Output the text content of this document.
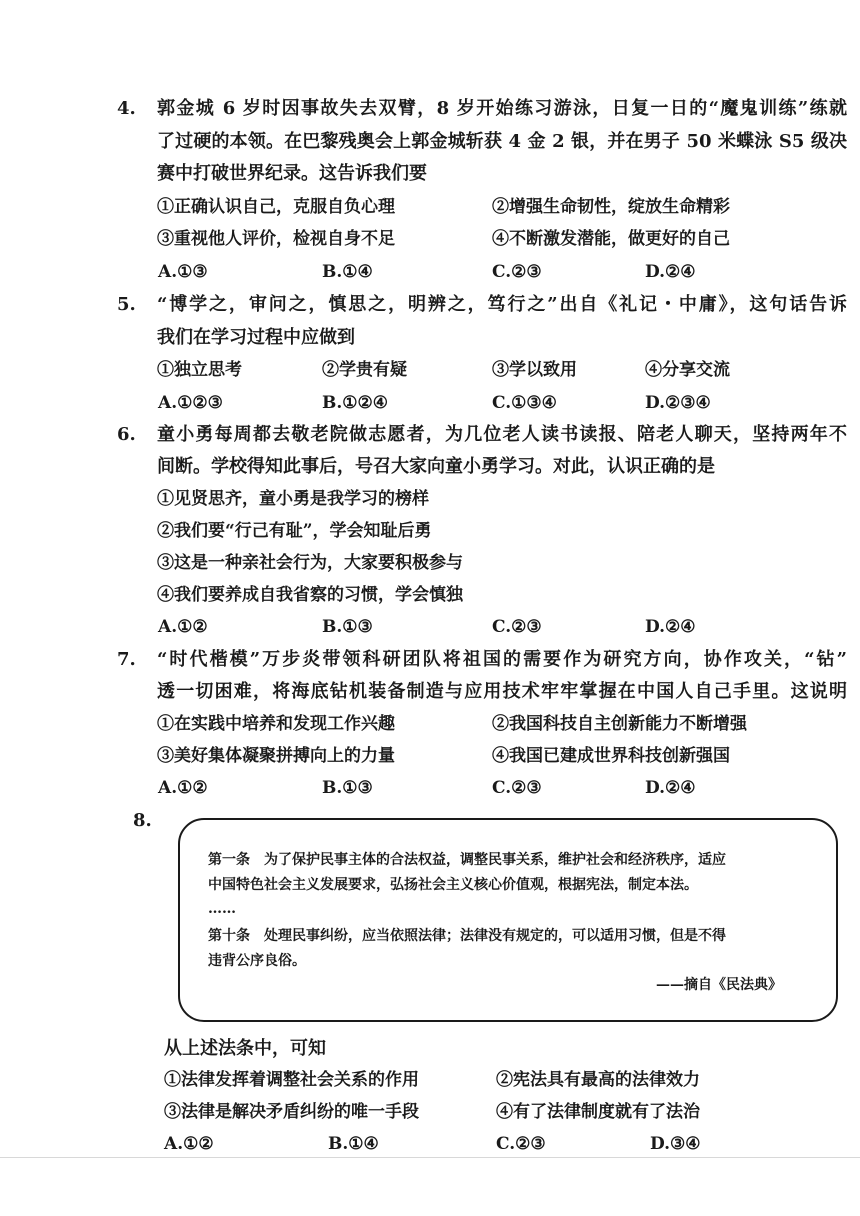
4. 郭金城 6 岁时因事故失去双臂，8 岁开始练习游泳，日复一日的“魔鬼训练”练就
了过硬的本领。在巴黎残奥会上郭金城斩获 4 金 2 银，并在男子 50 米蝶泳 S5 级决
赛中打破世界纪录。这告诉我们要
①正确认识自己，克服自负心理	②增强生命韧性，绽放生命精彩
③重视他人评价，检视自身不足	④不断激发潜能，做更好的自己
A.①③	B.①④	C.②③	D.②④
5. “博学之，审问之，慎思之，明辨之，笃行之”出自《礼记・中庸》，这句话告诉
我们在学习过程中应做到
①独立思考	②学贵有疑	③学以致用	④分享交流
A.①②③	B.①②④	C.①③④	D.②③④
6. 童小勇每周都去敬老院做志愿者，为几位老人读书读报、陪老人聊天，坚持两年不
间断。学校得知此事后，号召大家向童小勇学习。对此，认识正确的是
①见贤思齐，童小勇是我学习的榜样
②我们要“行己有耻”，学会知耻后勇
③这是一种亲社会行为，大家要积极参与
④我们要养成自我省察的习惯，学会慎独
A.①②	B.①③	C.②③	D.②④
7. “时代楷模”万步炎带领科研团队将祖国的需要作为研究方向，协作攻关，“钻”
透一切困难，将海底钻机装备制造与应用技术牢牢掌握在中国人自己手里。这说明
①在实践中培养和发现工作兴趣	②我国科技自主创新能力不断增强
③美好集体凝聚拼搏向上的力量	④我国已建成世界科技创新强国
A.①②	B.①③	C.②③	D.②④
8.
第一条　为了保护民事主体的合法权益，调整民事关系，维护社会和经济秩序，适应
中国特色社会主义发展要求，弘扬社会主义核心价值观，根据宪法，制定本法。
……
第十条　处理民事纠纷，应当依照法律；法律没有规定的，可以适用习惯，但是不得
违背公序良俗。
——摘自《民法典》
从上述法条中，可知
①法律发挥着调整社会关系的作用	②宪法具有最高的法律效力
③法律是解决矛盾纠纷的唯一手段	④有了法律制度就有了法治
A.①②	B.①④	C.②③	D.③④
